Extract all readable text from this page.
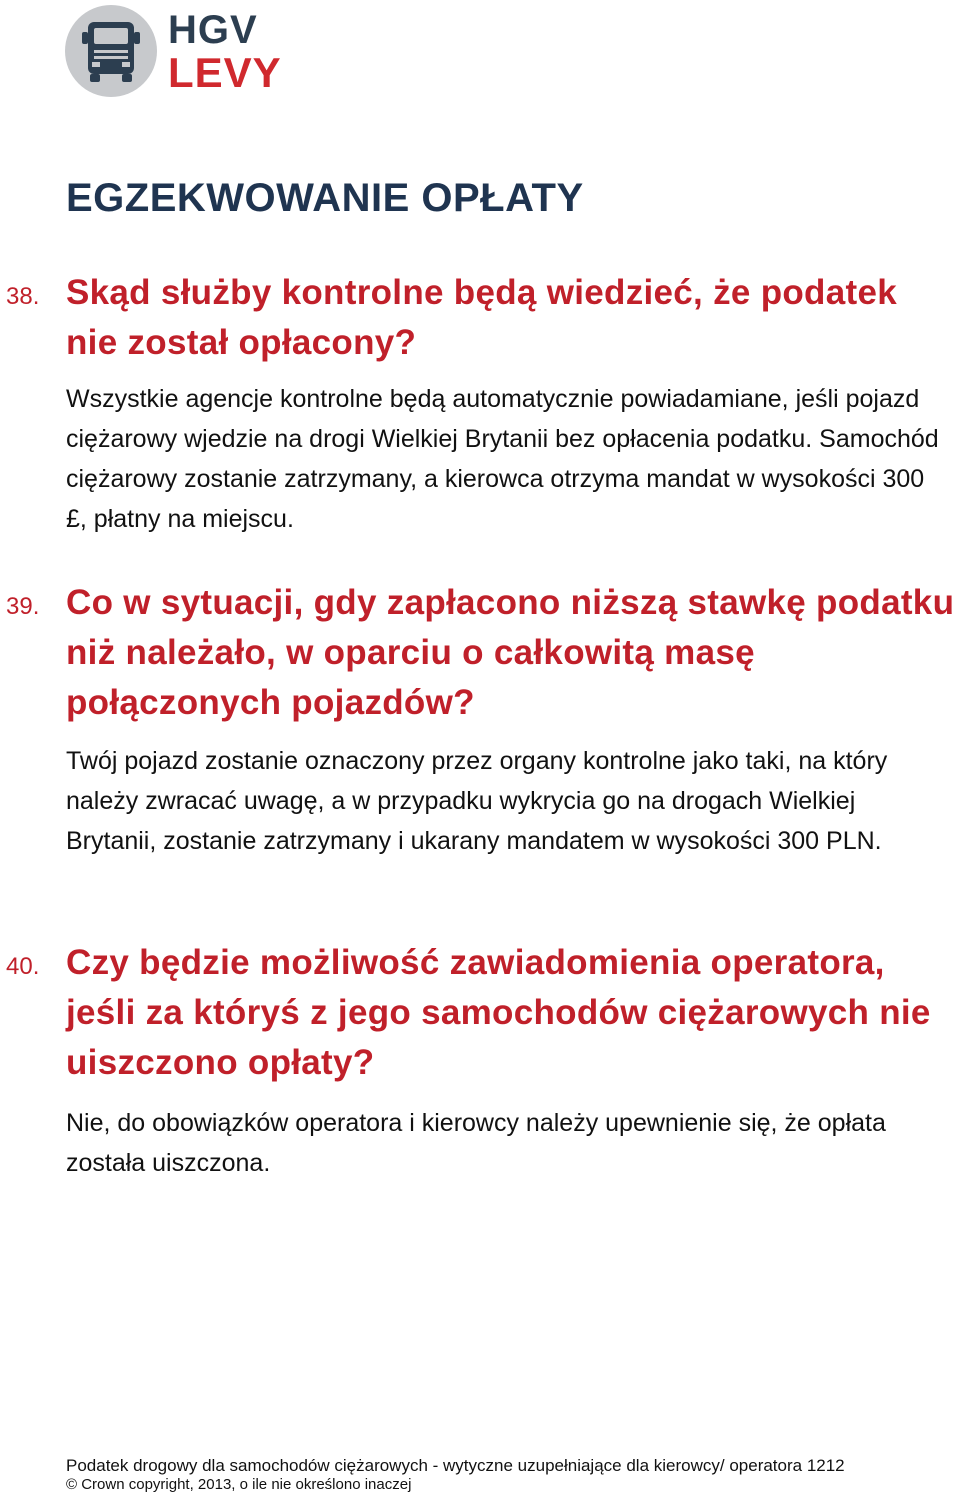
HGV
LEVY
EGZEKWOWANIE OPŁATY
38. Skąd służby kontrolne będą wiedzieć, że podatek nie został opłacony?

Wszystkie agencje kontrolne będą automatycznie powiadamiane, jeśli pojazd ciężarowy wjedzie na drogi Wielkiej Brytanii bez opłacenia podatku. Samochód ciężarowy zostanie zatrzymany, a kierowca otrzyma mandat w wysokości 300 £, płatny na miejscu.

39. Co w sytuacji, gdy zapłacono niższą stawkę podatku niż należało, w oparciu o całkowitą masę połączonych pojazdów?

Twój pojazd zostanie oznaczony przez organy kontrolne jako taki, na który należy zwracać uwagę, a w przypadku wykrycia go na drogach Wielkiej Brytanii, zostanie zatrzymany i ukarany mandatem w wysokości 300 PLN.

40. Czy będzie możliwość zawiadomienia operatora, jeśli za któryś z jego samochodów ciężarowych nie uiszczono opłaty?

Nie, do obowiązków operatora i kierowcy należy upewnienie się, że opłata została uiszczona.

Podatek drogowy dla samochodów ciężarowych - wytyczne uzupełniające dla kierowcy/ operatora 1212
© Crown copyright, 2013, o ile nie określono inaczej
